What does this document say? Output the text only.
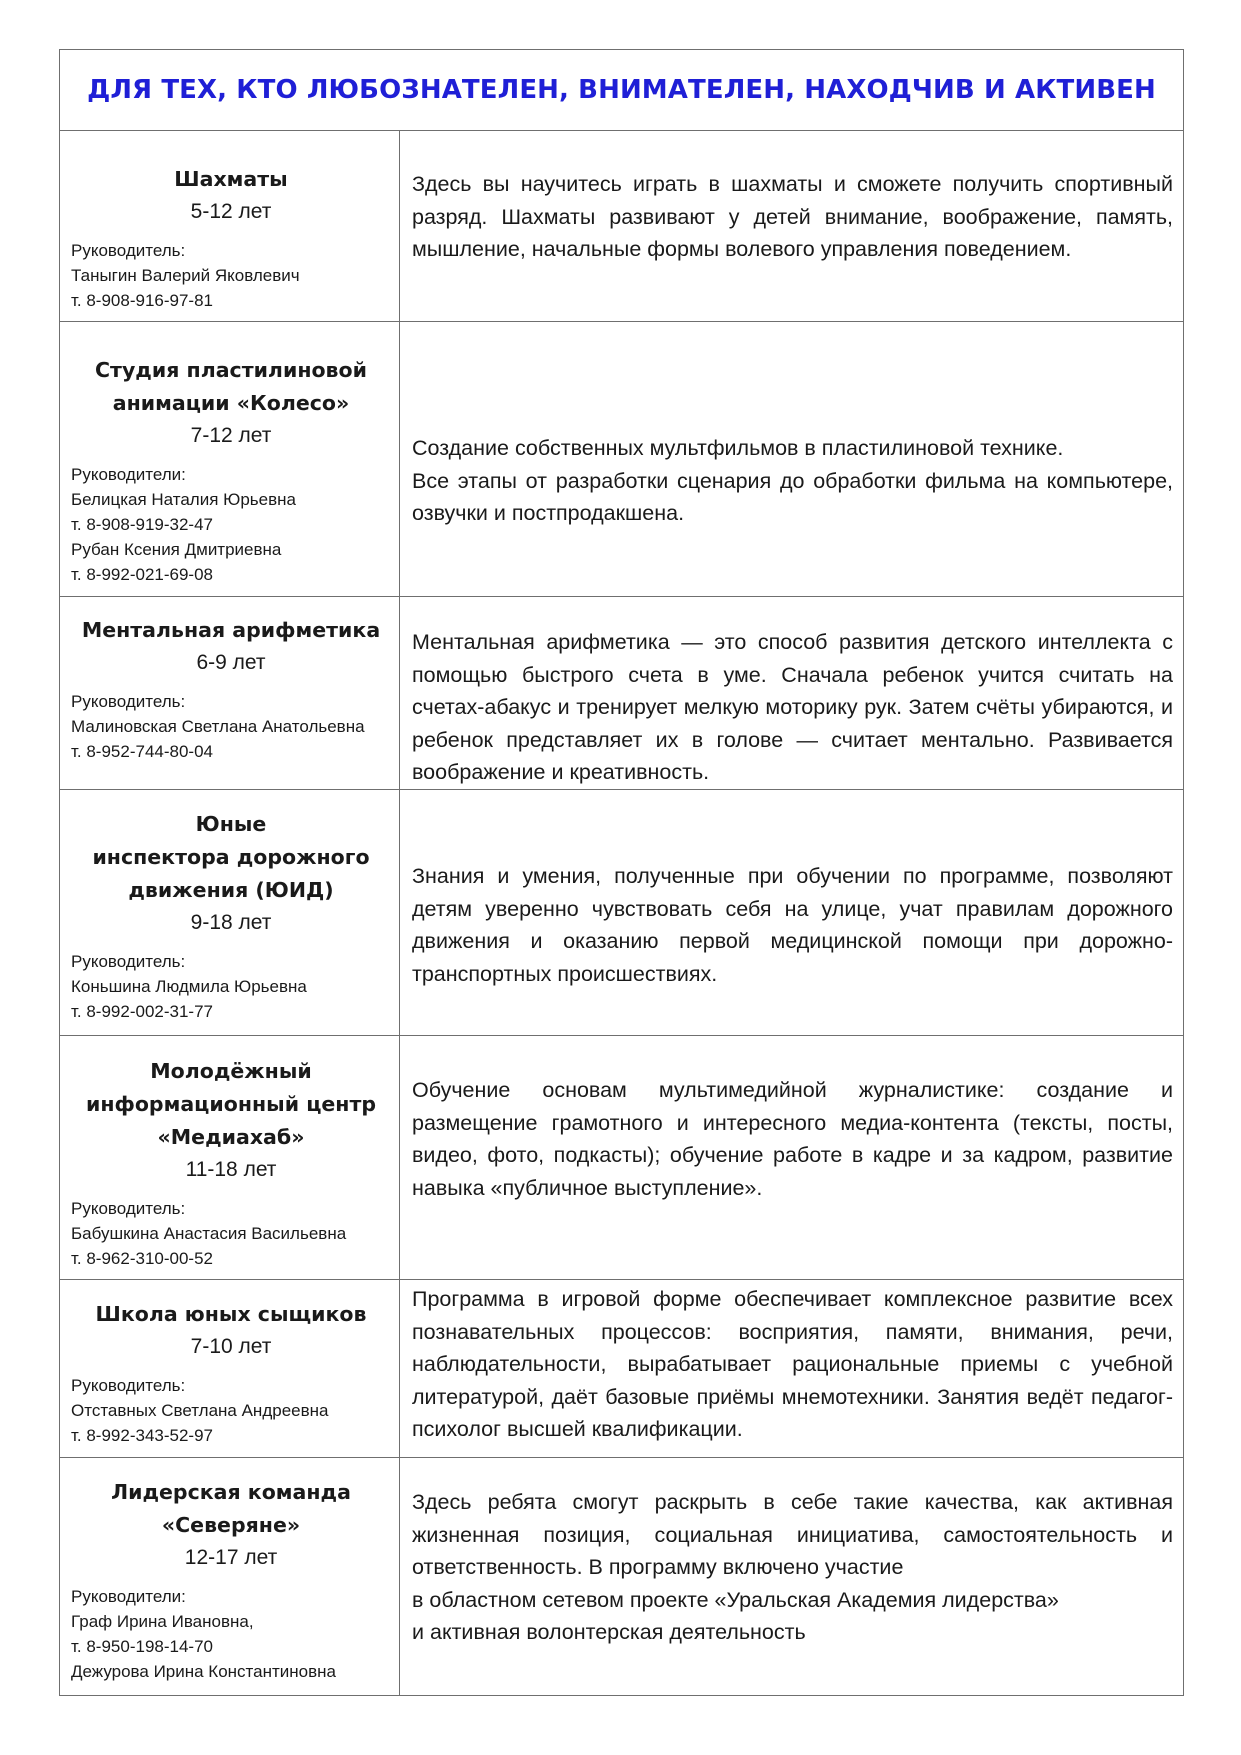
ДЛЯ ТЕХ, КТО ЛЮБОЗНАТЕЛЕН, ВНИМАТЕЛЕН, НАХОДЧИВ И АКТИВЕН
Шахматы
5-12 лет
Руководитель:
Таныгин Валерий Яковлевич
т. 8-908-916-97-81

Здесь вы научитесь играть в шахматы и сможете получить спортивный разряд. Шахматы развивают у детей внимание, воображение, память, мышление, начальные формы волевого управления поведением.

Студия пластилиновой
анимации «Колесо»
7-12 лет
Руководители:
Белицкая Наталия Юрьевна
т. 8-908-919-32-47
Рубан Ксения Дмитриевна
т. 8-992-021-69-08

Создание собственных мультфильмов в пластилиновой технике.

Все этапы от разработки сценария до обработки фильма на компьютере, озвучки и постпродакшена.

Ментальная арифметика
6-9 лет
Руководитель:
Малиновская Светлана Анатольевна
т. 8-952-744-80-04

Ментальная арифметика — это способ развития детского интеллекта с помощью быстрого счета в уме. Сначала ребенок учится считать на счетах-абакус и тренирует мелкую моторику рук. Затем счёты убираются, и ребенок представляет их в голове — считает ментально. Развивается воображение и креативность.

Юные
инспектора дорожного
движения (ЮИД)
9-18 лет
Руководитель:
Коньшина Людмила Юрьевна
т. 8-992-002-31-77

Знания и умения, полученные при обучении по программе, позволяют детям уверенно чувствовать себя на улице, учат правилам дорожного движения и оказанию первой медицинской помощи при дорожно-транспортных происшествиях.

Молодёжный
информационный центр
«Медиахаб»
11-18 лет
Руководитель:
Бабушкина Анастасия Васильевна
т. 8-962-310-00-52

Обучение основам мультимедийной журналистике: создание и размещение грамотного и интересного медиа-контента (тексты, посты, видео, фото, подкасты); обучение работе в кадре и за кадром, развитие навыка «публичное выступление».

Школа юных сыщиков
7-10 лет
Руководитель:
Отставных Светлана Андреевна
т. 8-992-343-52-97

Программа в игровой форме обеспечивает комплексное развитие всех познавательных процессов: восприятия, памяти, внимания, речи, наблюдательности, вырабатывает рациональные приемы с учебной литературой, даёт базовые приёмы мнемотехники. Занятия ведёт педагог-психолог высшей квалификации.

Лидерская команда
«Северяне»
12-17 лет
Руководители:
Граф Ирина Ивановна,
т. 8-950-198-14-70
Дежурова Ирина Константиновна

Здесь ребята смогут раскрыть в себе такие качества, как активная жизненная позиция, социальная инициатива, самостоятельность и ответственность. В программу включено участие

в областном сетевом проекте «Уральская Академия лидерства»

и активная волонтерская деятельность
